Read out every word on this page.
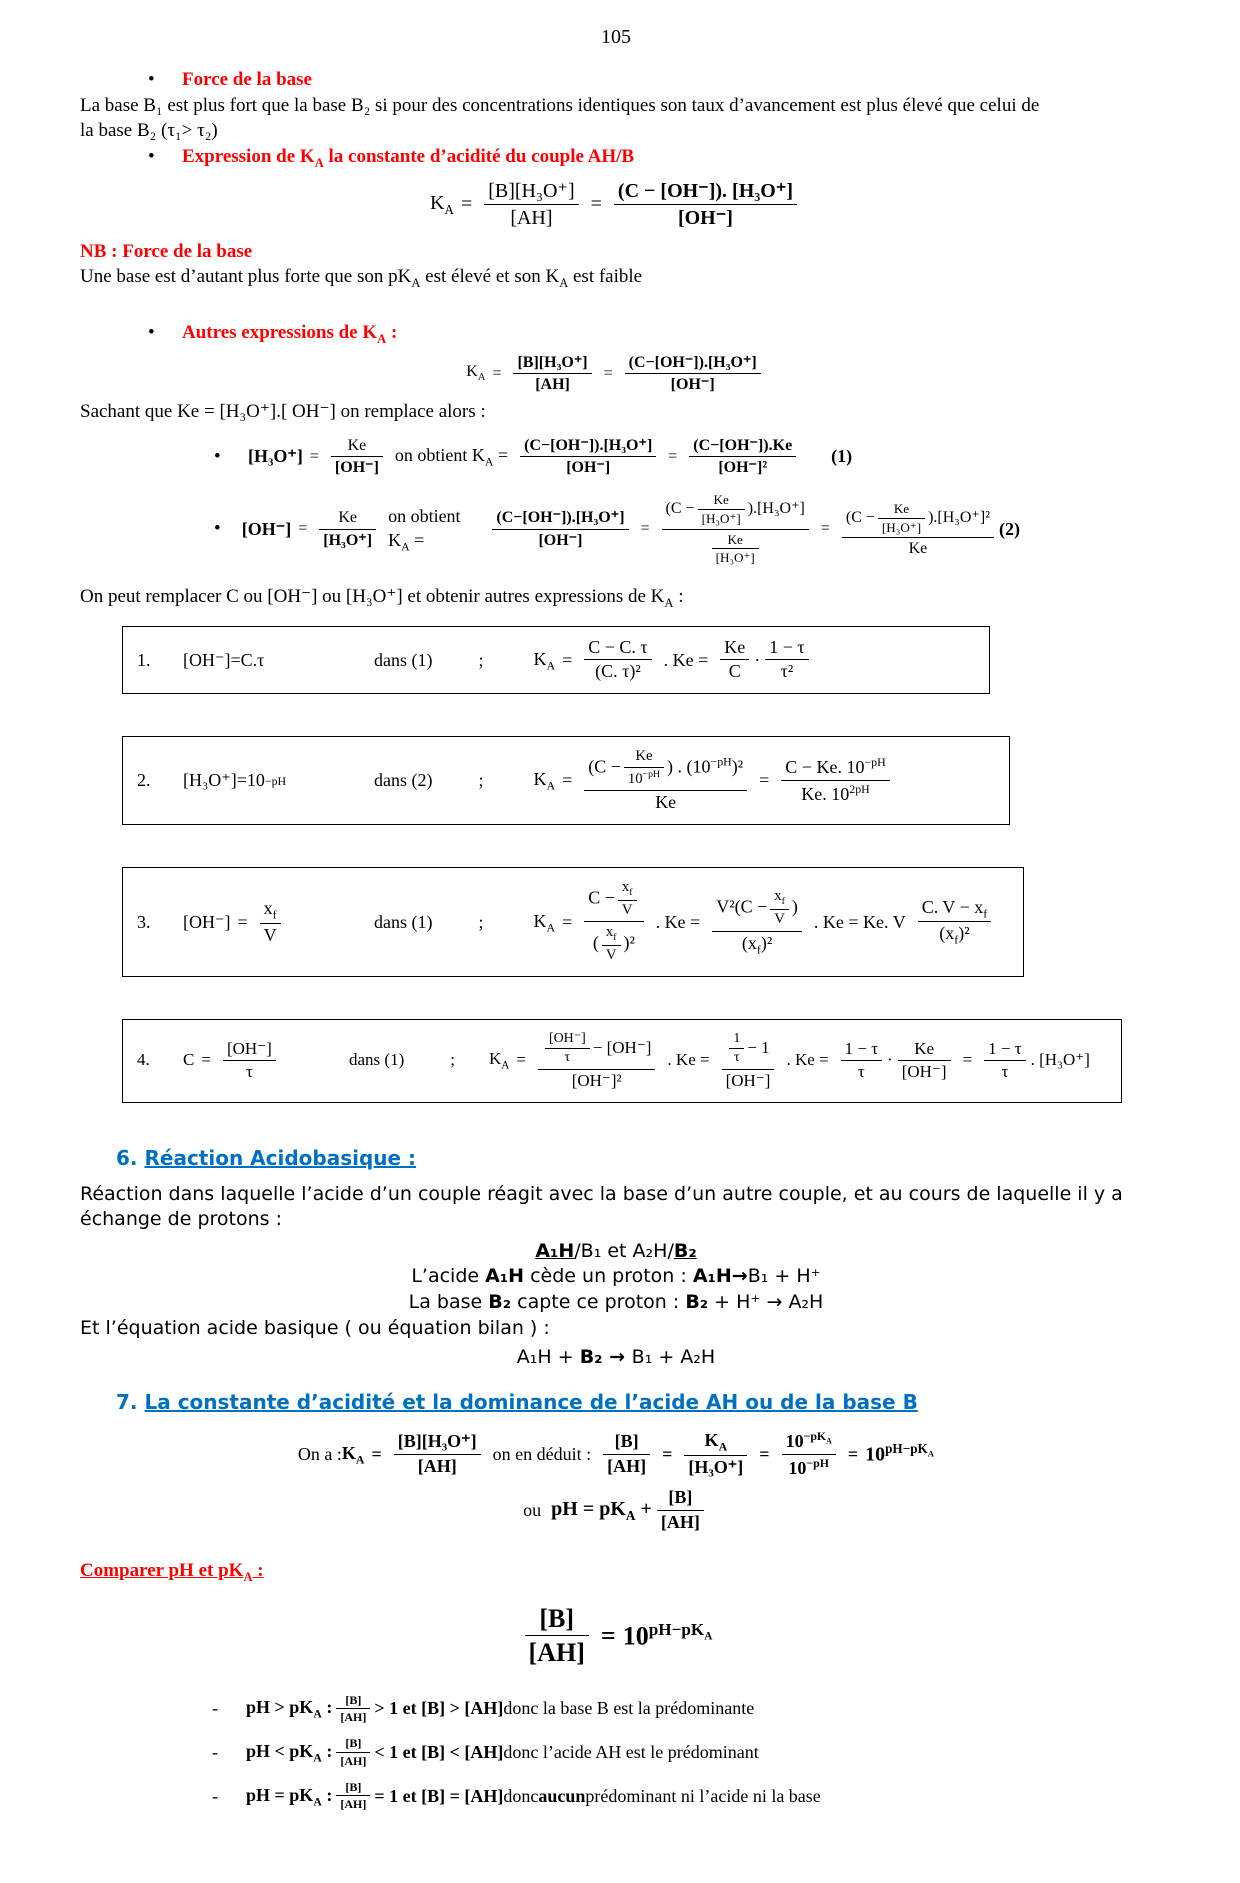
105
•	Force de la base

La base B₁ est plus fort que la base B₂ si pour des concentrations identiques son taux d’avancement est plus élevé que celui de
la base B₂ (τ₁> τ₂)

•	Expression de $K_A$ la constante d’acidité du couple AH/B
$K_A = \frac{\text{[B][H₃O⁺]}}{[AH]} = \frac{\text{(C − [OH⁻]). [H₃O⁺]}}{[OH^-]}$
NB : Force de la base

Une base est d’autant plus forte que son $pK_A$ est élevé et son $K_A$ est faible

•	Autres expressions de $K_A$ :
$K_A = \frac{\text{[B][H₃O⁺]}}{[AH]} = \frac{\text{(C−[OH⁻]).[H₃O⁺]}}{[OH^-]}$

Sachant que Ke = [H₃O⁺].[ OH⁻] on remplace alors :

•	$[H_3O^+] = \frac{Ke}{[OH^-]}$ on obtient $K_A = \frac{\text{(C−[OH⁻]).[H₃O⁺]}}{[OH^-]} = \frac{(C-[OH^-]).Ke}{\text{[OH⁻]²}} (1)$
•	$[OH^-] = \frac{Ke}{\text{[H₃O⁺]}}$ on obtient $K_A$ =	$\frac{\text{(C−[OH⁻]).[H₃O⁺]}}{[OH^-]} = \frac{(C - \frac{Ke}{\text{[H₃O⁺]}} ).[H_3O^+]}{\frac{Ke}{\text{[H₃O⁺]}}} = \frac{(C - \frac{Ke}{\text{[H₃O⁺]}} ).[H_3O^+]^2}{Ke} (2)$

On peut remplacer C ou [OH⁻] ou [H₃O⁺] et obtenir autres expressions de $K_A$ :

1.	[OH⁻]=C.τ	dans (1)	;	$K_A = \frac{C - C. \tau}{\text{(C. τ)²}}$ . $Ke = \frac{Ke}{C}$ ·
1 − τ
τ²
2.	[H₃O⁺]=10 −pH	dans (2)	;	$K_A = \frac{(C - \frac{Ke}{10^{-pH}} ) . (10^{-pH})^2}{Ke} = \frac{C - Ke. 10^{-pH}}{Ke. 10^{2pH}}$
3.	$[OH^-] = \frac{x_f}{V}$	dans (1)	;	$K_A$ =
$C - \frac{x_f}{V}$
( $\frac{x_f}{V} )^2$
. Ke =
$V^2(C - \frac{x_f}{V}$ )
$(x_f)^2$
. Ke = Ke. V
C. $V - x_f$
$(x_f)^2$
4.	$C = \frac{[OH^-]}{\tau}$	dans (1)	; $K_A = \frac{\frac{[OH^-]}{\tau} - [OH^-]}{\text{[OH⁻]²}}$ . $Ke = \frac{\frac{1}{\tau} - 1}{[OH^-]}$ . $Ke = \frac{1 - \tau}{\tau} \cdot \frac{Ke}{[OH^-]} = \frac{1 - \tau}{\tau}$ . [H₃O⁺]
6. Réaction Acidobasique :

Réaction dans laquelle l’acide d’un couple réagit avec la base d’un autre couple, et au cours de laquelle il y a
échange de protons :

A₁H/B₁ et A₂H/B₂
L’acide A₁H cède un proton : A₁H→B₁ + H⁺
La base B₂ capte ce proton : B₂ + H⁺ → A₂H

Et l’équation acide basique ( ou équation bilan ) :

A₁H + B₂ → B₁ + A₂H
7. La constante d’acidité et la dominance de l’acide AH ou de la base B
On a : $K_A = \frac{\text{[B][H₃O⁺]}}{[AH]}$ on en déduit : $\frac{[B]}{[AH]} = \frac{K_A}{\text{[H₃O⁺]}}$ =
$10^{-pK_A}$
$10^{-pH}$	= $10^{pH-pK_A}$
ou pH = $pK_A + \frac{[B]}{[AH]}$
Comparer pH et $pK_A$ :
$\frac{[B]}{[AH]} = 10^{pH-pK_A}$
-	pH > $pK_A$ :	[B]
[AH] > 1 et [B] > [AH] donc la base B est la prédominante
-	pH < $pK_A$ :	[B]
[AH] < 1 et [B] < [AH] donc l’acide AH est le prédominant
-	pH = $pK_A$ : $\frac{[B]}{[AH]} = 1$ et [B] = [AH] donc aucun prédominant ni l’acide ni la base
